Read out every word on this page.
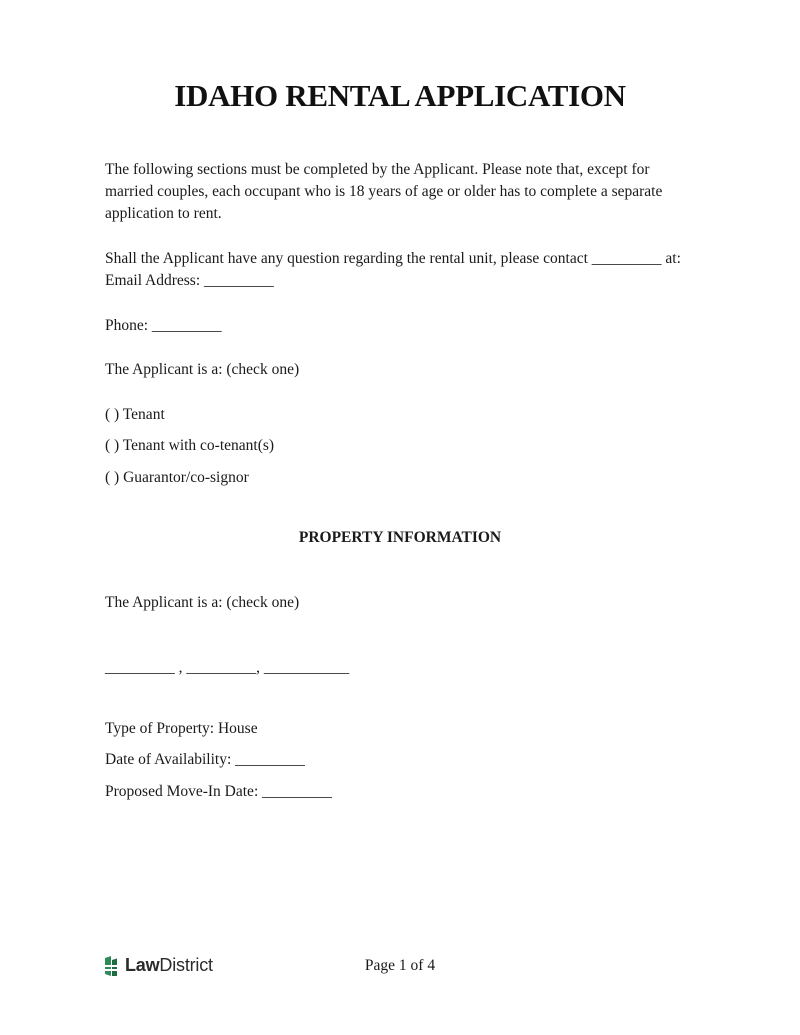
IDAHO RENTAL APPLICATION
The following sections must be completed by the Applicant. Please note that, except for married couples, each occupant who is 18 years of age or older has to complete a separate application to rent.
Shall the Applicant have any question regarding the rental unit, please contact _________ at:
Email Address: _________
Phone: _________
The Applicant is a: (check one)
( ) Tenant
( ) Tenant with co-tenant(s)
( ) Guarantor/co-signor
PROPERTY INFORMATION
The Applicant is a: (check one)
_________ , _________, ___________
Type of Property: House
Date of Availability: _________
Proposed Move-In Date: _________
LawDistrict	Page 1 of 4
